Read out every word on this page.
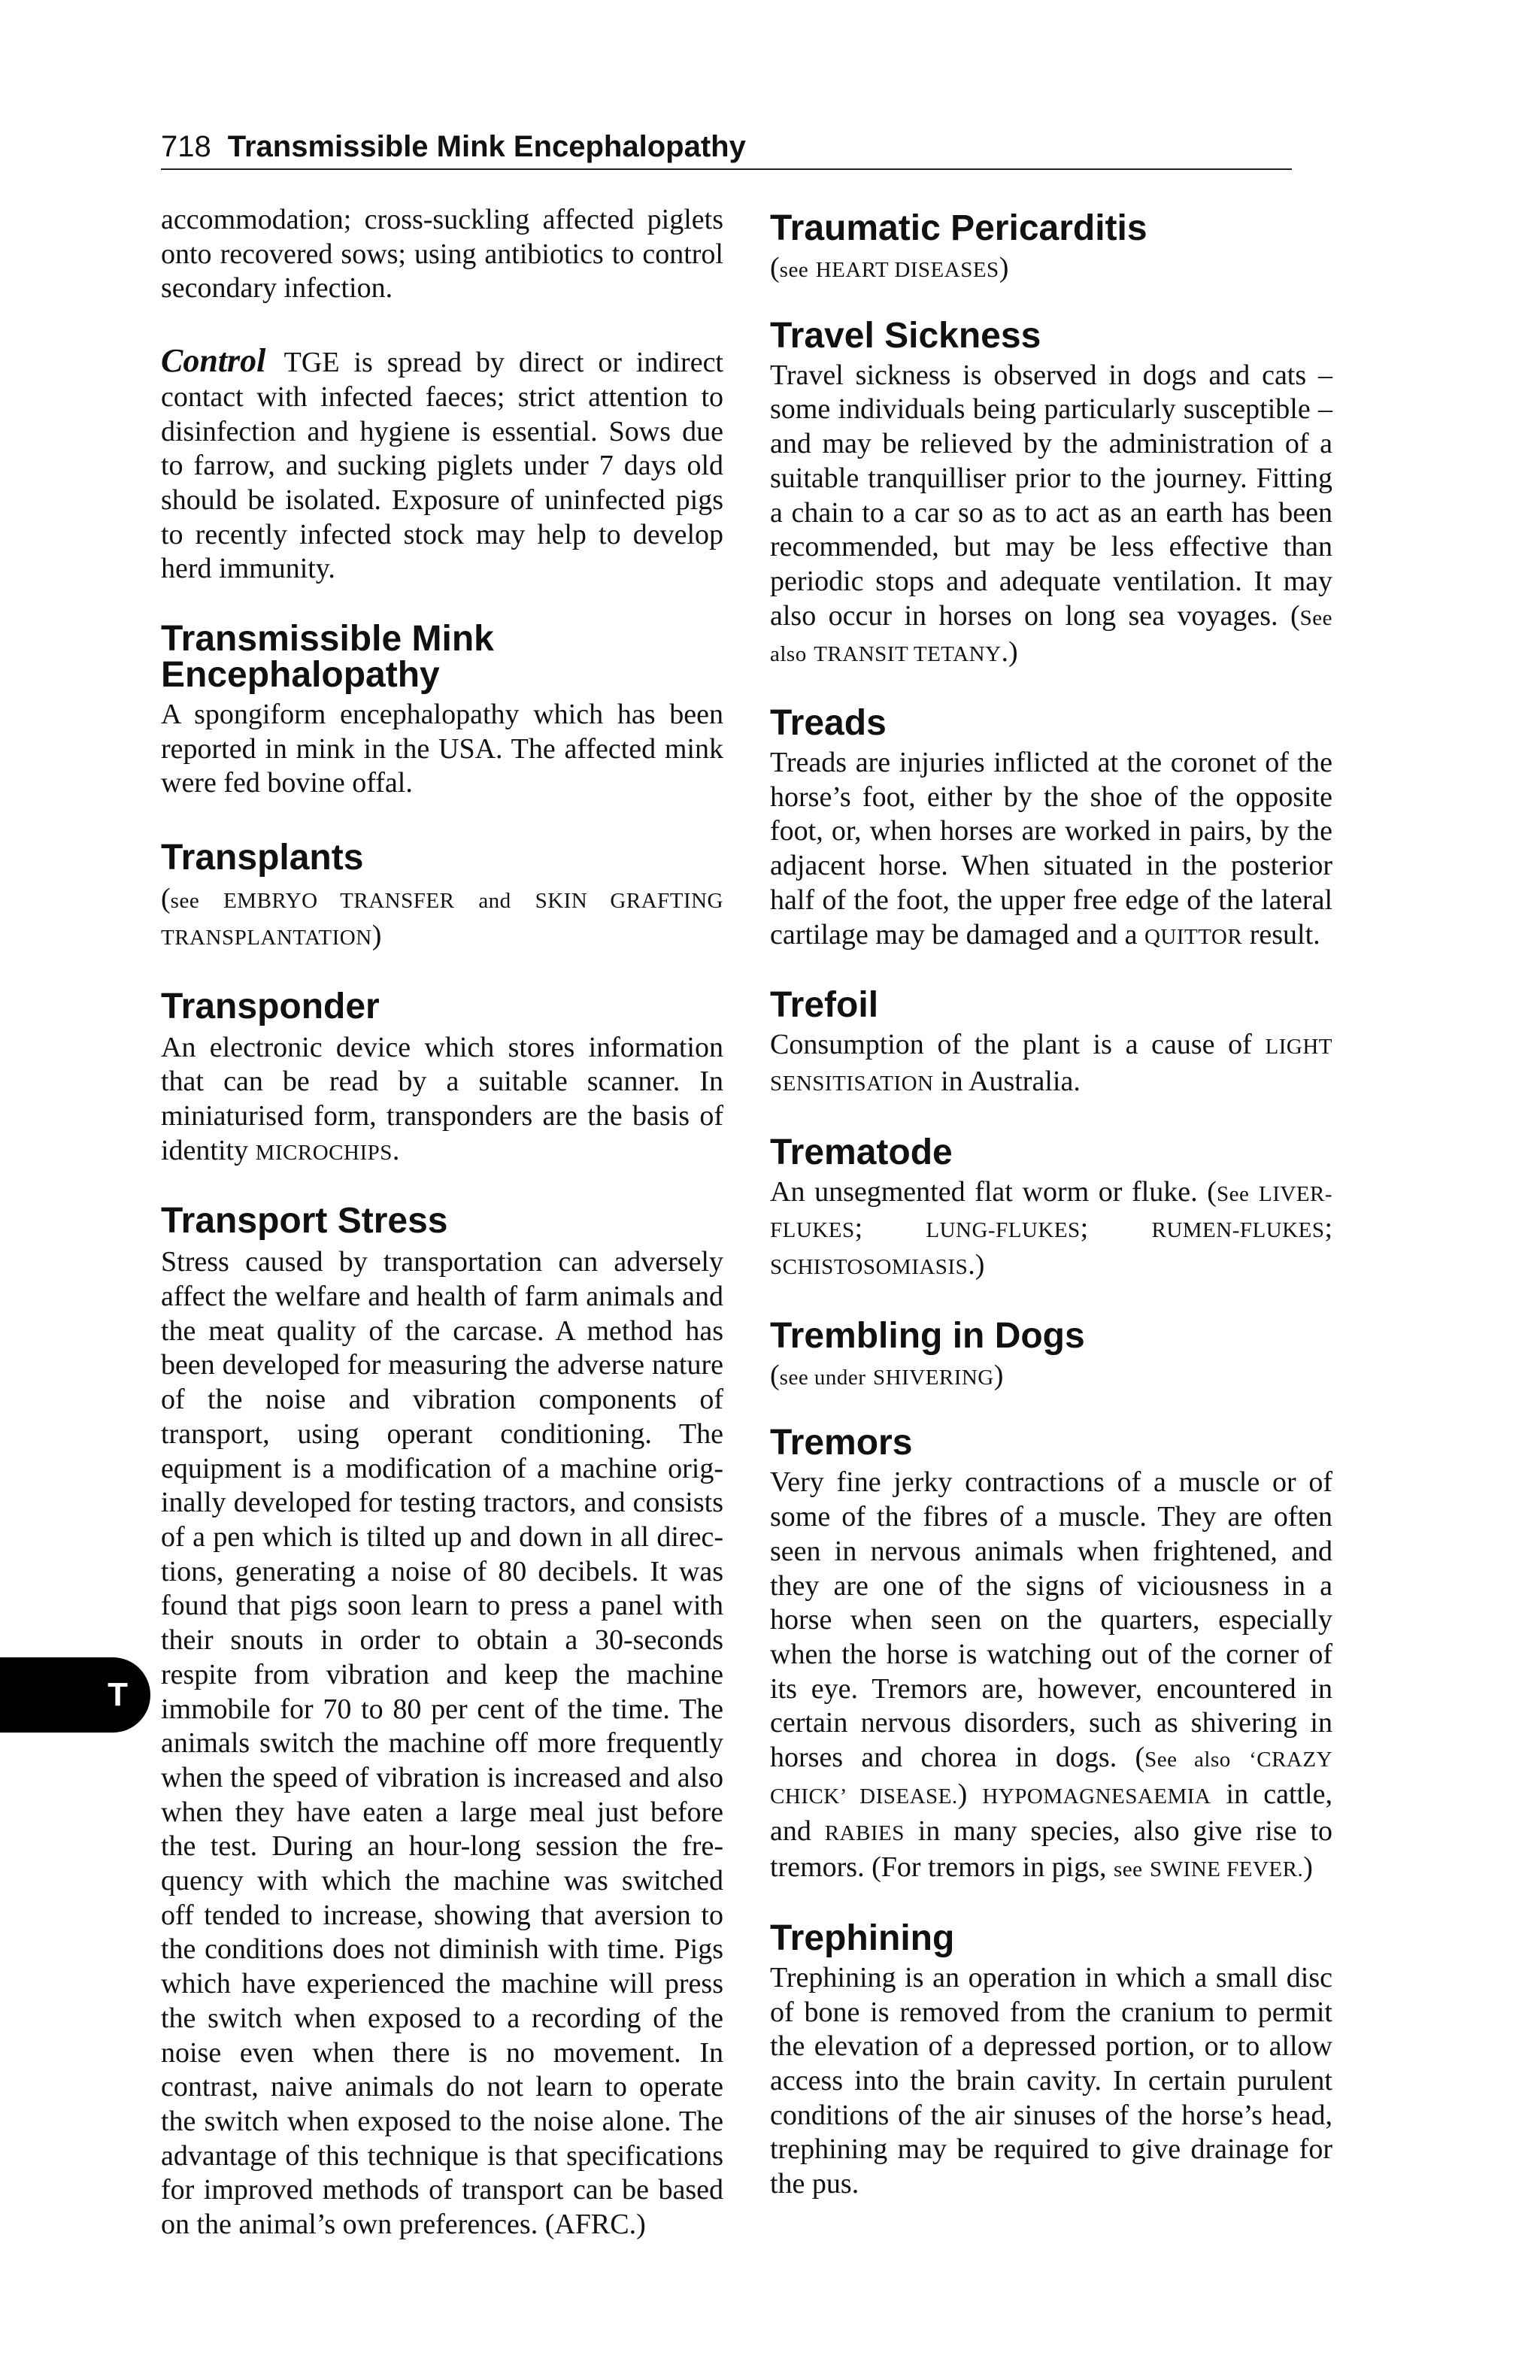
718 Transmissible Mink Encephalopathy
T

accommodation; cross-suckling affected piglets onto recovered sows; using antibiotics to control secondary infection.

Control TGE is spread by direct or indirect contact with infected faeces; strict attention to disinfection and hygiene is essential. Sows due to farrow, and sucking piglets under 7 days old should be isolated. Exposure of uninfected pigs to recently infected stock may help to develop herd immunity.

Transmissible Mink
Encephalopathy

A spongiform encephalopathy which has been reported in mink in the USA. The affected mink were fed bovine offal.

Transplants

(see EMBRYO TRANSFER and SKIN GRAFTING TRANSPLANTATION)

Transponder

An electronic device which stores information that can be read by a suitable scanner. In miniaturised form, transponders are the basis of identity MICROCHIPS.

Transport Stress

Stress caused by transportation can adversely affect the welfare and health of farm animals and the meat quality of the carcase. A method has been developed for measuring the adverse nature of the noise and vibration components of transport, using operant conditioning. The equipment is a modification of a machine originally developed for testing tractors, and consists of a pen which is tilted up and down in all directions, generating a noise of 80 decibels. It was found that pigs soon learn to press a panel with their snouts in order to obtain a 30-seconds respite from vibration and keep the machine immobile for 70 to 80 per cent of the time. The animals switch the machine off more frequently when the speed of vibration is increased and also when they have eaten a large meal just before the test. During an hour-long session the frequency with which the machine was switched off tended to increase, showing that aversion to the conditions does not diminish with time. Pigs which have experienced the machine will press the switch when exposed to a recording of the noise even when there is no movement. In contrast, naive animals do not learn to operate the switch when exposed to the noise alone. The advantage of this technique is that specifications for improved methods of transport can be based on the animal’s own preferences. (AFRC.)

Traumatic Pericarditis

(see HEART DISEASES)

Travel Sickness

Travel sickness is observed in dogs and cats – some individuals being particularly susceptible – and may be relieved by the administration of a suitable tranquilliser prior to the journey. Fitting a chain to a car so as to act as an earth has been recommended, but may be less effective than periodic stops and adequate ventilation. It may also occur in horses on long sea voyages. (See also TRANSIT TETANY.)

Treads

Treads are injuries inflicted at the coronet of the horse’s foot, either by the shoe of the opposite foot, or, when horses are worked in pairs, by the adjacent horse. When situated in the posterior half of the foot, the upper free edge of the lateral cartilage may be damaged and a QUITTOR result.

Trefoil

Consumption of the plant is a cause of LIGHT SENSITISATION in Australia.

Trematode

An unsegmented flat worm or fluke. (See LIVER-FLUKES; LUNG-FLUKES; RUMEN-FLUKES; SCHISTOSOMIASIS.)

Trembling in Dogs

(see under SHIVERING)

Tremors

Very fine jerky contractions of a muscle or of some of the fibres of a muscle. They are often seen in nervous animals when frightened, and they are one of the signs of viciousness in a horse when seen on the quarters, especially when the horse is watching out of the corner of its eye. Tremors are, however, encountered in certain nervous disorders, such as shivering in horses and chorea in dogs. (See also ‘CRAZY CHICK’ DISEASE.) HYPOMAGNESAEMIA in cattle, and RABIES in many species, also give rise to tremors. (For tremors in pigs, see SWINE FEVER.)

Trephining

Trephining is an operation in which a small disc of bone is removed from the cranium to permit the elevation of a depressed portion, or to allow access into the brain cavity. In certain purulent conditions of the air sinuses of the horse’s head, trephining may be required to give drainage for the pus.
